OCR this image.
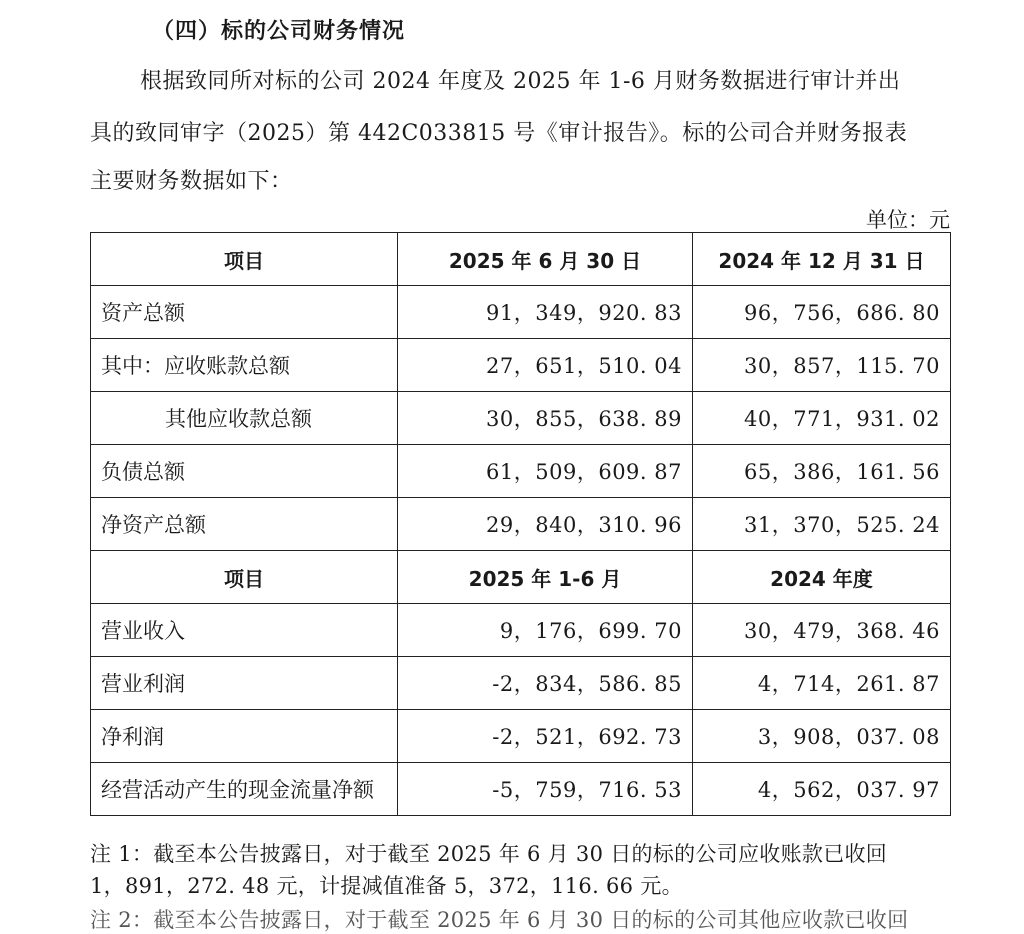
（四）标的公司财务情况
根据致同所对标的公司 2024 年度及 2025 年 1-6 月财务数据进行审计并出
具的致同审字（2025）第 442C033815 号《审计报告》。标的公司合并财务报表
主要财务数据如下：
单位：元
项目	2025 年 6 月 30 日	2024 年 12 月 31 日
资产总额	91，349，920. 83	96，756，686. 80
其中：应收账款总额	27，651，510. 04	30，857，115. 70
其他应收款总额	30，855，638. 89	40，771，931. 02
负债总额	61，509，609. 87	65，386，161. 56
净资产总额	29，840，310. 96	31，370，525. 24
项目	2025 年 1-6 月	2024 年度
营业收入	9，176，699. 70	30，479，368. 46
营业利润	-2，834，586. 85	4，714，261. 87
净利润	-2，521，692. 73	3，908，037. 08
经营活动产生的现金流量净额	-5，759，716. 53	4，562，037. 97
注 1：截至本公告披露日，对于截至 2025 年 6 月 30 日的标的公司应收账款已收回
1，891，272. 48 元，计提减值准备 5，372，116. 66 元。
注 2：截至本公告披露日，对于截至 2025 年 6 月 30 日的标的公司其他应收款已收回
